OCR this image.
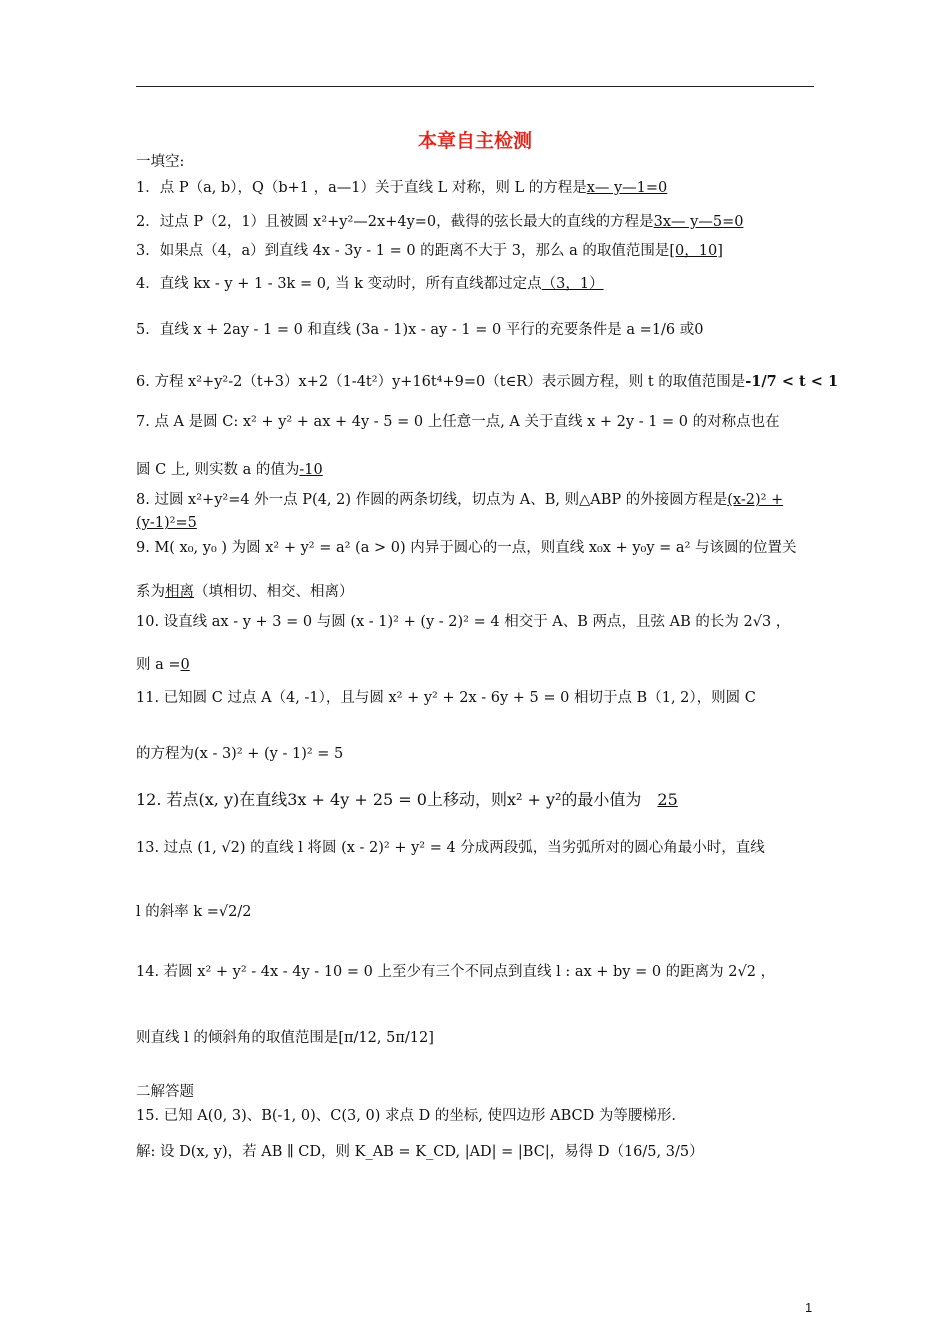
本章自主检测
一填空:
1．点 P（a, b），Q（b+1 ，a—1）关于直线 L 对称，则 L 的方程是x— y—1=0
2．过点 P（2，1）且被圆 x²+y²—2x+4y=0，截得的弦长最大的直线的方程是3x— y—5=0
3．如果点（4，a）到直线 4x - 3y - 1 = 0 的距离不大于 3，那么 a 的取值范围是[0，10]
4．直线 kx - y + 1 - 3k = 0, 当 k 变动时，所有直线都过定点（3，1）
5．直线 x + 2ay - 1 = 0 和直线 (3a - 1)x - ay - 1 = 0 平行的充要条件是 a =1/6 或0
6. 方程 x²+y²-2（t+3）x+2（1-4t²）y+16t⁴+9=0（t∈R）表示圆方程，则 t 的取值范围是-1/7 < t < 1
7. 点 A 是圆 C: x² + y² + ax + 4y - 5 = 0 上任意一点, A 关于直线 x + 2y - 1 = 0 的对称点也在
圆 C 上, 则实数 a 的值为-10
8. 过圆 x²+y²=4 外一点 P(4, 2) 作圆的两条切线，切点为 A、B, 则△ABP 的外接圆方程是(x-2)² +
(y-1)²=5
9. M( x₀, y₀ ) 为圆 x² + y² = a² (a > 0) 内异于圆心的一点，则直线 x₀x + y₀y = a² 与该圆的位置关
系为相离（填相切、相交、相离）
10. 设直线 ax - y + 3 = 0 与圆 (x - 1)² + (y - 2)² = 4 相交于 A、B 两点，且弦 AB 的长为 2√3 ，
则 a =0
11. 已知圆 C 过点 A（4, -1），且与圆 x² + y² + 2x - 6y + 5 = 0 相切于点 B（1, 2），则圆 C
的方程为(x - 3)² + (y - 1)² = 5
12. 若点(x, y)在直线3x + 4y + 25 = 0上移动，则x² + y²的最小值为 25
13. 过点 (1, √2) 的直线 l 将圆 (x - 2)² + y² = 4 分成两段弧，当劣弧所对的圆心角最小时，直线
l 的斜率 k =√2/2
14. 若圆 x² + y² - 4x - 4y - 10 = 0 上至少有三个不同点到直线 l : ax + by = 0 的距离为 2√2 ，
则直线 l 的倾斜角的取值范围是[π/12, 5π/12]
二解答题
15. 已知 A(0, 3)、B(-1, 0)、C(3, 0) 求点 D 的坐标, 使四边形 ABCD 为等腰梯形.
解: 设 D(x, y)，若 AB ∥ CD，则 K_AB = K_CD, |AD| = |BC|，易得 D（16/5, 3/5）
1
